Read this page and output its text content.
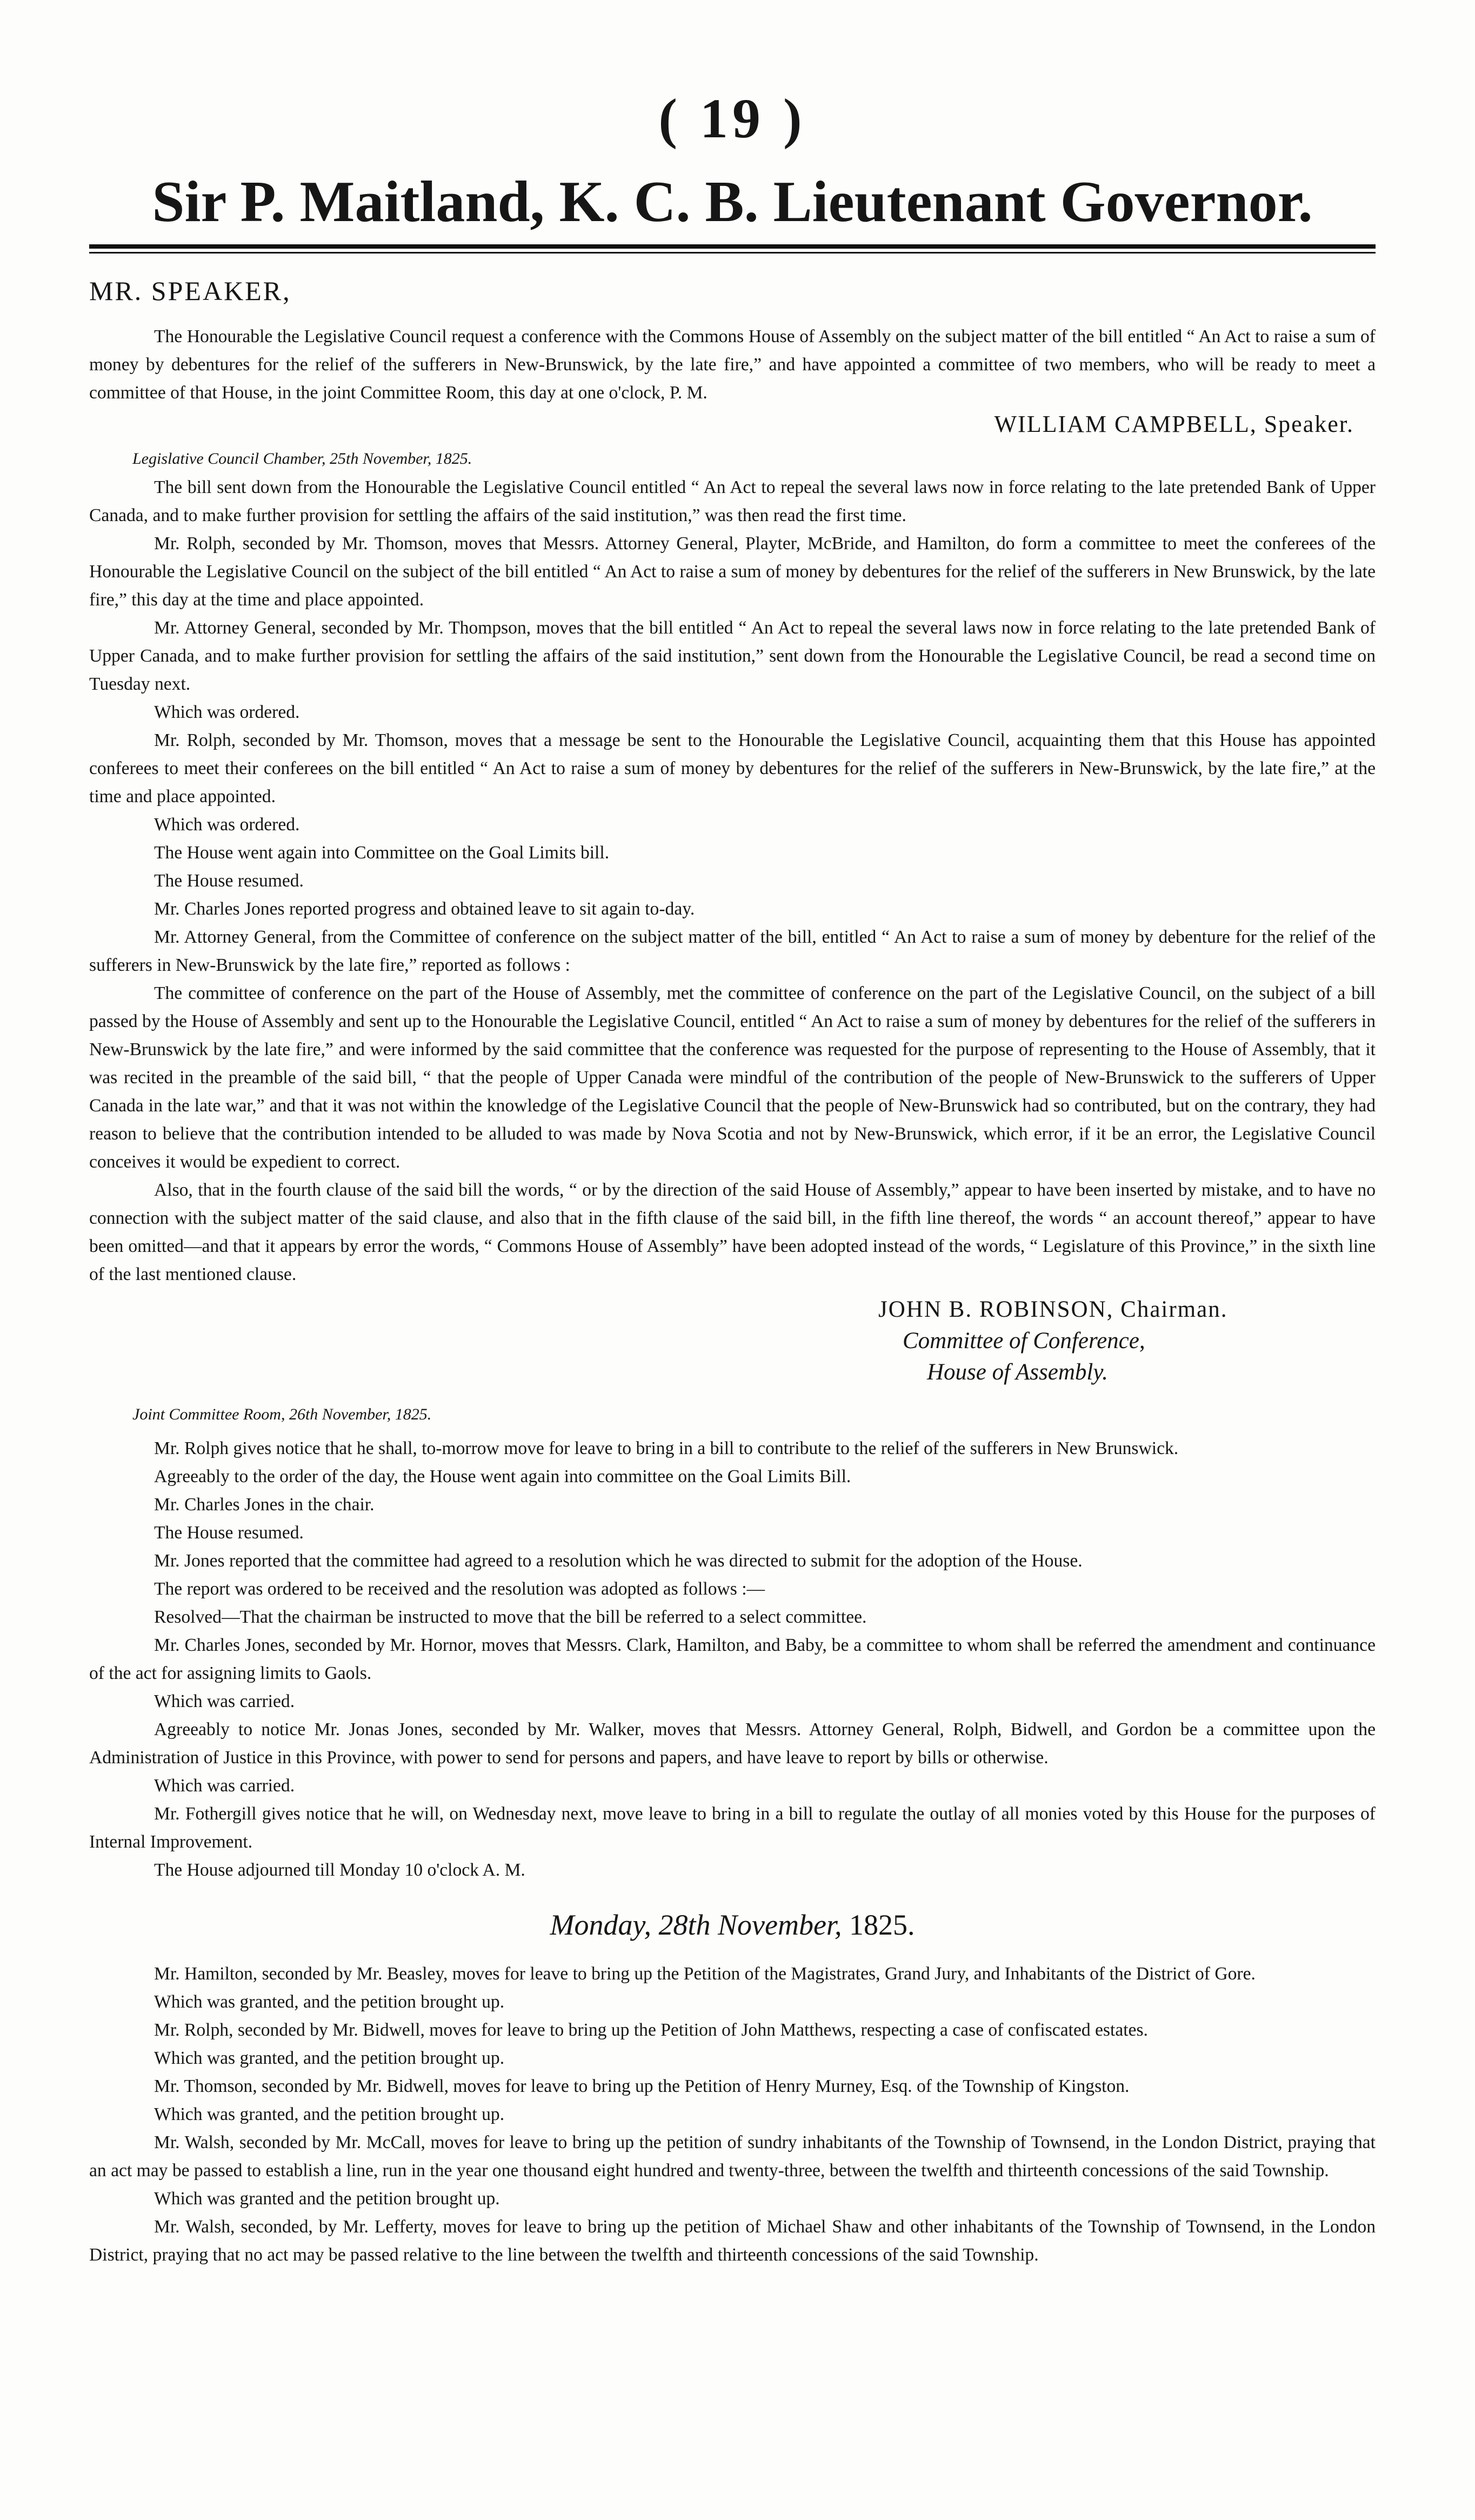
( 19 )
Sir P. Maitland, K. C. B. Lieutenant Governor.
MR. SPEAKER,

The Honourable the Legislative Council request a conference with the Commons House of Assembly on the subject matter of the bill entitled “ An Act to raise a sum of money by debentures for the relief of the sufferers in New-Brunswick, by the late fire,” and have appointed a committee of two members, who will be ready to meet a committee of that House, in the joint Committee Room, this day at one o'clock, P. M.

WILLIAM CAMPBELL, Speaker.
Legislative Council Chamber, 25th November, 1825.

The bill sent down from the Honourable the Legislative Council entitled “ An Act to repeal the several laws now in force relating to the late pretended Bank of Upper Canada, and to make further provision for settling the affairs of the said institution,” was then read the first time.

Mr. Rolph, seconded by Mr. Thomson, moves that Messrs. Attorney General, Playter, McBride, and Hamilton, do form a committee to meet the conferees of the Honourable the Legislative Council on the subject of the bill entitled “ An Act to raise a sum of money by debentures for the relief of the sufferers in New Brunswick, by the late fire,” this day at the time and place appointed.

Mr. Attorney General, seconded by Mr. Thompson, moves that the bill entitled “ An Act to repeal the several laws now in force relating to the late pretended Bank of Upper Canada, and to make further provision for settling the affairs of the said institution,” sent down from the Honourable the Legislative Council, be read a second time on Tuesday next.

Which was ordered.

Mr. Rolph, seconded by Mr. Thomson, moves that a message be sent to the Honourable the Legislative Council, acquainting them that this House has appointed conferees to meet their conferees on the bill entitled “ An Act to raise a sum of money by debentures for the relief of the sufferers in New-Brunswick, by the late fire,” at the time and place appointed.

Which was ordered.

The House went again into Committee on the Goal Limits bill.

The House resumed.

Mr. Charles Jones reported progress and obtained leave to sit again to-day.

Mr. Attorney General, from the Committee of conference on the subject matter of the bill, entitled “ An Act to raise a sum of money by debenture for the relief of the sufferers in New-Brunswick by the late fire,” reported as follows :

The committee of conference on the part of the House of Assembly, met the committee of conference on the part of the Legislative Council, on the subject of a bill passed by the House of Assembly and sent up to the Honourable the Legislative Council, entitled “ An Act to raise a sum of money by debentures for the relief of the sufferers in New-Brunswick by the late fire,” and were informed by the said committee that the conference was requested for the purpose of representing to the House of Assembly, that it was recited in the preamble of the said bill, “ that the people of Upper Canada were mindful of the contribution of the people of New-Brunswick to the sufferers of Upper Canada in the late war,” and that it was not within the knowledge of the Legislative Council that the people of New-Brunswick had so contributed, but on the contrary, they had reason to believe that the contribution intended to be alluded to was made by Nova Scotia and not by New-Brunswick, which error, if it be an error, the Legislative Council conceives it would be expedient to correct.

Also, that in the fourth clause of the said bill the words, “ or by the direction of the said House of Assembly,” appear to have been inserted by mistake, and to have no connection with the subject matter of the said clause, and also that in the fifth clause of the said bill, in the fifth line thereof, the words “ an account thereof,” appear to have been omitted—and that it appears by error the words, “ Commons House of Assembly” have been adopted instead of the words, “ Legislature of this Province,” in the sixth line of the last mentioned clause.

JOHN B. ROBINSON, Chairman.
Committee of Conference,
House of Assembly.
Joint Committee Room, 26th November, 1825.

Mr. Rolph gives notice that he shall, to-morrow move for leave to bring in a bill to contribute to the relief of the sufferers in New Brunswick.

Agreeably to the order of the day, the House went again into committee on the Goal Limits Bill.

Mr. Charles Jones in the chair.

The House resumed.

Mr. Jones reported that the committee had agreed to a resolution which he was directed to submit for the adoption of the House.

The report was ordered to be received and the resolution was adopted as follows :—

Resolved—That the chairman be instructed to move that the bill be referred to a select committee.

Mr. Charles Jones, seconded by Mr. Hornor, moves that Messrs. Clark, Hamilton, and Baby, be a committee to whom shall be referred the amendment and continuance of the act for assigning limits to Gaols.

Which was carried.

Agreeably to notice Mr. Jonas Jones, seconded by Mr. Walker, moves that Messrs. Attorney General, Rolph, Bidwell, and Gordon be a committee upon the Administration of Justice in this Province, with power to send for persons and papers, and have leave to report by bills or otherwise.

Which was carried.

Mr. Fothergill gives notice that he will, on Wednesday next, move leave to bring in a bill to regulate the outlay of all monies voted by this House for the purposes of Internal Improvement.

The House adjourned till Monday 10 o'clock A. M.

Monday, 28th November, 1825.

Mr. Hamilton, seconded by Mr. Beasley, moves for leave to bring up the Petition of the Magistrates, Grand Jury, and Inhabitants of the District of Gore.

Which was granted, and the petition brought up.

Mr. Rolph, seconded by Mr. Bidwell, moves for leave to bring up the Petition of John Matthews, respecting a case of confiscated estates.

Which was granted, and the petition brought up.

Mr. Thomson, seconded by Mr. Bidwell, moves for leave to bring up the Petition of Henry Murney, Esq. of the Township of Kingston.

Which was granted, and the petition brought up.

Mr. Walsh, seconded by Mr. McCall, moves for leave to bring up the petition of sundry inhabitants of the Township of Townsend, in the London District, praying that an act may be passed to establish a line, run in the year one thousand eight hundred and twenty-three, between the twelfth and thirteenth concessions of the said Township.

Which was granted and the petition brought up.

Mr. Walsh, seconded, by Mr. Lefferty, moves for leave to bring up the petition of Michael Shaw and other inhabitants of the Township of Townsend, in the London District, praying that no act may be passed relative to the line between the twelfth and thirteenth concessions of the said Township.
